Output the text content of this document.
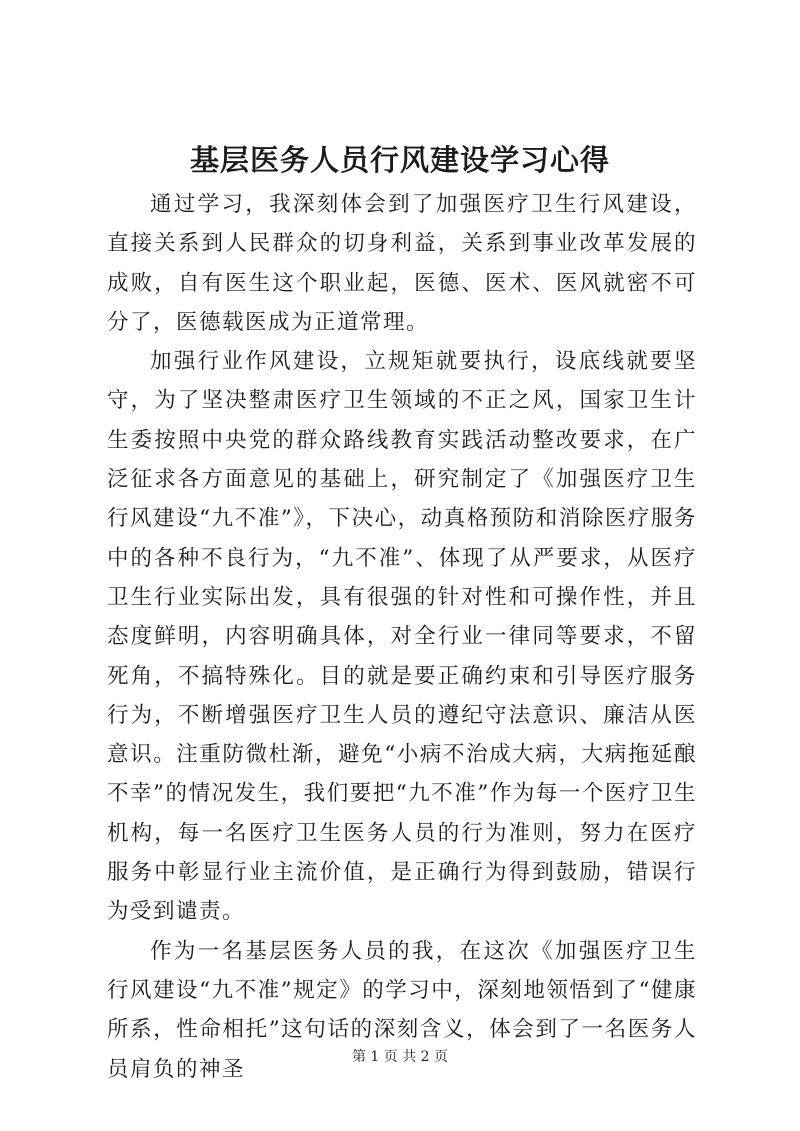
基层医务人员行风建设学习心得

通过学习，我深刻体会到了加强医疗卫生行风建设，直接关系到人民群众的切身利益，关系到事业改革发展的成败，自有医生这个职业起，医德、医术、医风就密不可分了，医德载医成为正道常理。

加强行业作风建设，立规矩就要执行，设底线就要坚守，为了坚决整肃医疗卫生领域的不正之风，国家卫生计生委按照中央党的群众路线教育实践活动整改要求，在广泛征求各方面意见的基础上，研究制定了《加强医疗卫生行风建设“九不准”》，下决心，动真格预防和消除医疗服务中的各种不良行为，“九不准”、体现了从严要求，从医疗卫生行业实际出发，具有很强的针对性和可操作性，并且态度鲜明，内容明确具体，对全行业一律同等要求，不留死角，不搞特殊化。目的就是要正确约束和引导医疗服务行为，不断增强医疗卫生人员的遵纪守法意识、廉洁从医意识。注重防微杜渐，避免“小病不治成大病，大病拖延酿不幸”的情况发生，我们要把“九不准”作为每一个医疗卫生机构，每一名医疗卫生医务人员的行为准则，努力在医疗服务中彰显行业主流价值，是正确行为得到鼓励，错误行为受到谴责。

作为一名基层医务人员的我，在这次《加强医疗卫生行风建设“九不准”规定》的学习中，深刻地领悟到了“健康所系，性命相托”这句话的深刻含义，体会到了一名医务人员肩负的神圣	第 1 页 共 2 页
